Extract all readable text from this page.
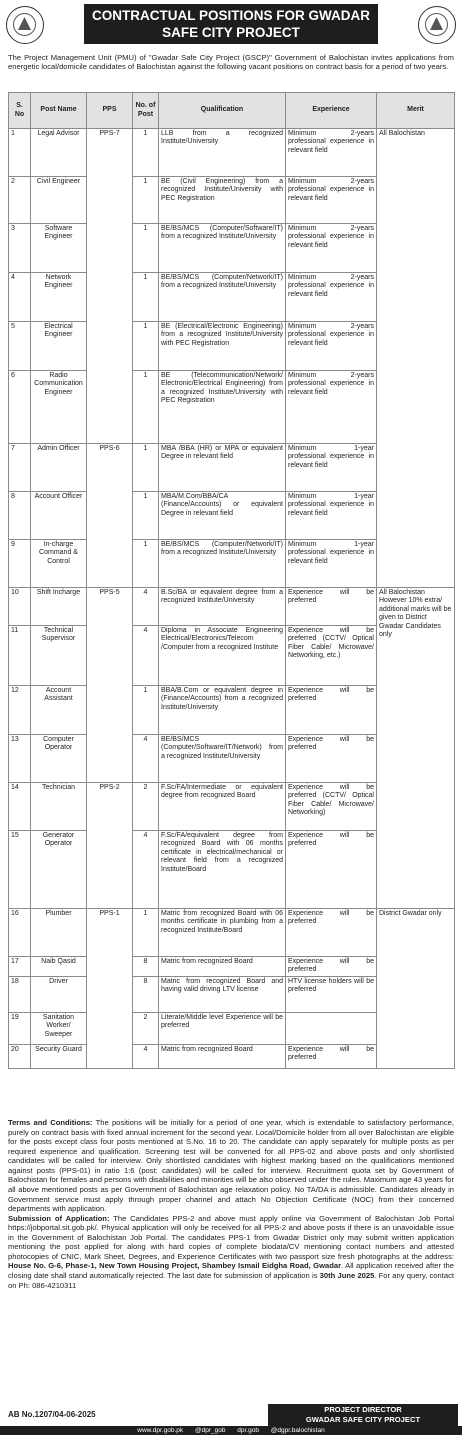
CONTRACTUAL POSITIONS FOR GWADAR
SAFE CITY PROJECT

The Project Management Unit (PMU) of "Gwadar Safe City Project (GSCP)" Government of Balochistan invites applications from energetic local/domicile candidates of Balochistan against the following vacant positions on contract basis for a period of two years.

S. No	Post Name	PPS	No. of Post	Qualification	Experience	Merit
1	Legal Advisor	PPS-7	1	LLB from a recognized Institute/University	Minimum 2-years professional experience in relevant field	All Balochistan
2	Civil Engineer		1	BE (Civil Engineering) from a recognized Institute/University with PEC Registration	Minimum 2-years professional experience in relevant field	
3	Software Engineer		1	BE/BS/MCS (Computer/Software/IT) from a recognized Institute/University	Minimum 2-years professional experience in relevant field	
4	Network Engineer		1	BE/BS/MCS (Computer/Network/IT) from a recognized Institute/University	Minimum 2-years professional experience in relevant field	
5	Electrical Engineer		1	BE (Electrical/Electronic Engineering) from a recognized Institute/University with PEC Registration	Minimum 2-years professional experience in relevant field	
6	Radio Communication Engineer		1	BE (Telecommunication/Network/ Electronic/Electrical Engineering) from a recognized Institute/University with PEC Registration	Minimum 2-years professional experience in relevant field	
7	Admin Officer	PPS-6	1	MBA /BBA (HR) or MPA or equivalent Degree in relevant field	Minimum 1-year professional experience in relevant field	
8	Account Officer		1	MBA/M.Com/BBA/CA (Finance/Accounts) or equivalent Degree in relevant field	Minimum 1-year professional experience in relevant field	
9	In-charge Command & Control		1	BE/BS/MCS (Computer/Network/IT) from a recognized Institute/University	Minimum 1-year professional experience in relevant field	
10	Shift Incharge	PPS-5	4	B.Sc/BA or equivalent degree from a recognized Institute/University	Experience will be preferred	All Balochistan However 10% extra/ additional marks will be given to District Gwadar Candidates only
11	Technical Supervisor		4	Diploma in Associate Engineering Electrical/Electronics/Telecom /Computer from a recognized Institute	Experience will be preferred (CCTV/ Optical Fiber Cable/ Microwave/ Networking, etc.)	
12	Account Assistant		1	BBA/B.Com or equivalent degree in (Finance/Accounts) from a recognized Institute/University	Experience will be preferred	
13	Computer Operator		4	BE/BS/MCS (Computer/Software/IT/Network) from a recognized Institute/University	Experience will be preferred	
14	Technician	PPS-2	2	F.Sc/FA/Intermediate or equivalent degree from recognized Board	Experience will be preferred (CCTV/ Optical Fiber Cable/ Microwave/ Networking)	
15	Generator Operator		4	F.Sc/FA/equivalent degree from recognized Board with 06 months certificate in electrical/mechanical or relevant field from a recognized Institute/Board	Experience will be preferred	
16	Plumber	PPS-1	1	Matric from recognized Board with 06 months certificate in plumbing from a recognized Institute/Board	Experience will be preferred	District Gwadar only
17	Naib Qasid		8	Matric from recognized Board	Experience will be preferred	
18	Driver		8	Matric from recognized Board and having valid driving LTV license	HTV license holders will be preferred	
19	Sanitation Worker/ Sweeper		2	Literate/Middle level Experience will be preferred		
20	Security Guard		4	Matric from recognized Board	Experience will be preferred	

Terms and Conditions: The positions will be initially for a period of one year, which is extendable to satisfactory performance, purely on contract basis with fixed annual increment for the second year. Local/Domicile holder from all over Balochistan are eligible for the posts except class four posts mentioned at S.No. 16 to 20. The candidate can apply separately for multiple posts as per required experience and qualification. Screening test will be convened for all PPS-02 and above posts and only shortlisted candidates will be called for interview. Only shortlisted candidates with highest marking based on the qualifications mentioned against posts (PPS-01) in ratio 1:6 (post: candidates) will be called for interview. Recruitment quota set by Government of Balochistan for females and persons with disabilities and minorities will be also observed under the rules. Maximum age 43 years for all above mentioned posts as per Government of Balochistan age relaxation policy. No TA/DA is admissible. Candidates already in Government service must apply through proper channel and attach No Objection Certificate (NOC) from their concerned departments with application.

Submission of Application: The Candidates PPS-2 and above must apply online via Government of Balochistan Job Portal https://jobportal.sit.gob.pk/. Physical application will only be received for all PPS-2 and above posts if there is an unavoidable issue in the Government of Balochistan Job Portal. The candidates PPS-1 from Gwadar District only may submit written application mentioning the post applied for along with hard copies of complete biodata/CV mentioning contact numbers and attested photocopies of CNIC, Mark Sheet, Degrees, and Experience Certificates with two passport size fresh photographs at the address: House No. G-6, Phase-1, New Town Housing Project, Shambey Ismail Eidgha Road, Gwadar. All application received after the closing date shall stand automatically rejected. The last date for submission of application is 30th June 2025. For any query, contact on Ph: 086-4210311

AB No.1207/04-06-2025
PROJECT DIRECTOR
GWADAR SAFE CITY PROJECT
www.dpr.gob.pk @dpr_gob dpr.gob @dgpr.balochistan
